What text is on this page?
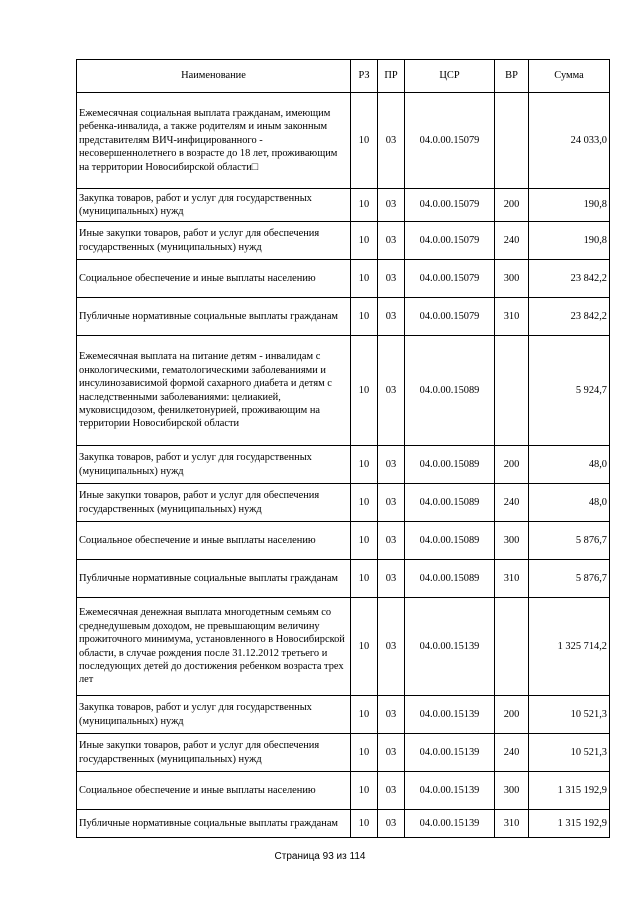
Наименование	РЗ	ПР	ЦСР	ВР	Сумма
Ежемесячная социальная выплата гражданам, имеющим ребенка-инвалида, а также родителям и иным законным представителям ВИЧ-инфицированного - несовершеннолетнего в возрасте до 18 лет, проживающим на территории Новосибирской области□	10	03	04.0.00.15079		24 033,0
Закупка товаров, работ и услуг для государственных (муниципальных) нужд	10	03	04.0.00.15079	200	190,8
Иные закупки товаров, работ и услуг для обеспечения государственных (муниципальных) нужд	10	03	04.0.00.15079	240	190,8
Социальное обеспечение и иные выплаты населению	10	03	04.0.00.15079	300	23 842,2
Публичные нормативные социальные выплаты гражданам	10	03	04.0.00.15079	310	23 842,2
Ежемесячная выплата на питание детям - инвалидам с онкологическими, гематологическими заболеваниями и инсулинозависимой формой сахарного диабета и детям с наследственными заболеваниями: целиакией, муковисцидозом, фенилкетонурией, проживающим на территории Новосибирской области	10	03	04.0.00.15089		5 924,7
Закупка товаров, работ и услуг для государственных (муниципальных) нужд	10	03	04.0.00.15089	200	48,0
Иные закупки товаров, работ и услуг для обеспечения государственных (муниципальных) нужд	10	03	04.0.00.15089	240	48,0
Социальное обеспечение и иные выплаты населению	10	03	04.0.00.15089	300	5 876,7
Публичные нормативные социальные выплаты гражданам	10	03	04.0.00.15089	310	5 876,7
Ежемесячная денежная выплата многодетным семьям со среднедушевым доходом, не превышающим величину прожиточного минимума, установленного в Новосибирской области, в случае рождения после 31.12.2012 третьего и последующих детей до достижения ребенком возраста трех лет	10	03	04.0.00.15139		1 325 714,2
Закупка товаров, работ и услуг для государственных (муниципальных) нужд	10	03	04.0.00.15139	200	10 521,3
Иные закупки товаров, работ и услуг для обеспечения государственных (муниципальных) нужд	10	03	04.0.00.15139	240	10 521,3
Социальное обеспечение и иные выплаты населению	10	03	04.0.00.15139	300	1 315 192,9
Публичные нормативные социальные выплаты гражданам	10	03	04.0.00.15139	310	1 315 192,9
Страница 93 из 114
